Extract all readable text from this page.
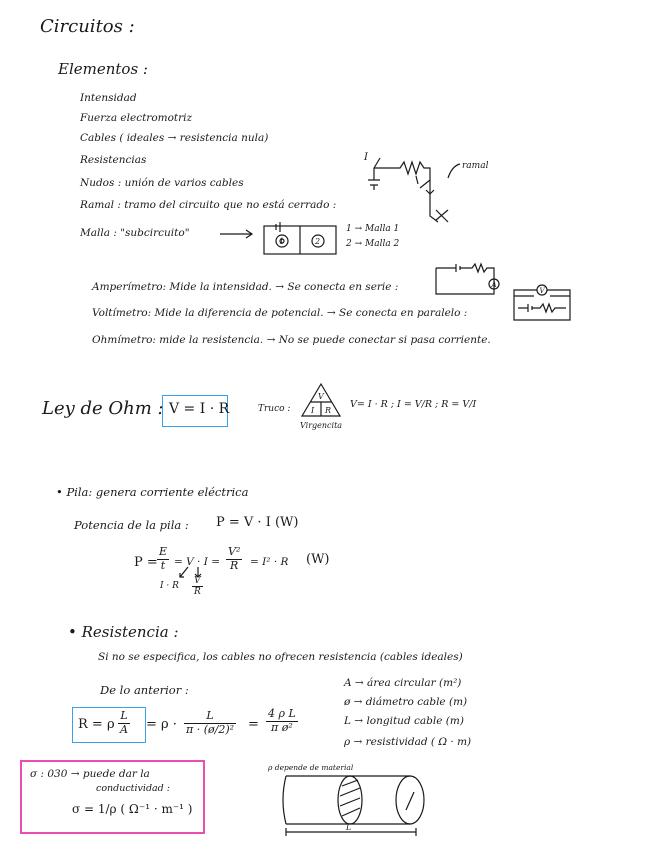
Circuitos :
Elementos :
Intensidad
Fuerza electromotriz
Cables ( ideales → resistencia nula)
Resistencias
Nudos : unión de varios cables
Ramal : tramo del circuito que no está cerrado :
Malla : "subcircuito"
I
ramal
1	2
1 → Malla 1
2 → Malla 2
Amperímetro: Mide la intensidad. → Se conecta en serie :
Voltímetro: Mide la diferencia de potencial. → Se conecta en paralelo :
Ohmímetro: mide la resistencia. → No se puede conectar si pasa corriente.
A
V
Ley de Ohm : V = I · R	Truco :
V
I R
Virgencita
V= I · R ; I = V/R ; R = V/I
• Pila: genera corriente eléctrica
Potencia de la pila : P = V · I (W)
$P = \frac{E}{t} = V \cdot I = \frac{\text{V²}}{R} = I^2 \cdot R$ (W)
I · R $\frac{V}{R}$
• Resistencia :
Si no se especifica, los cables no ofrecen resistencia (cables ideales)
De lo anterior :
R = ρ $\frac{L}{A} = \rho \cdot \frac{L}{\text{π · (ø/2)²}} = \frac{\text{4 ρ L}}{\text{π ø²}}$
A → área circular (m²)
ø → diámetro cable (m)
L → longitud cable (m)
ρ → resistividad ( Ω · m)
σ : 030 → puede dar la
conductividad :
σ = 1/ρ ( Ω⁻¹ · m⁻¹ )
ρ depende de material
L
